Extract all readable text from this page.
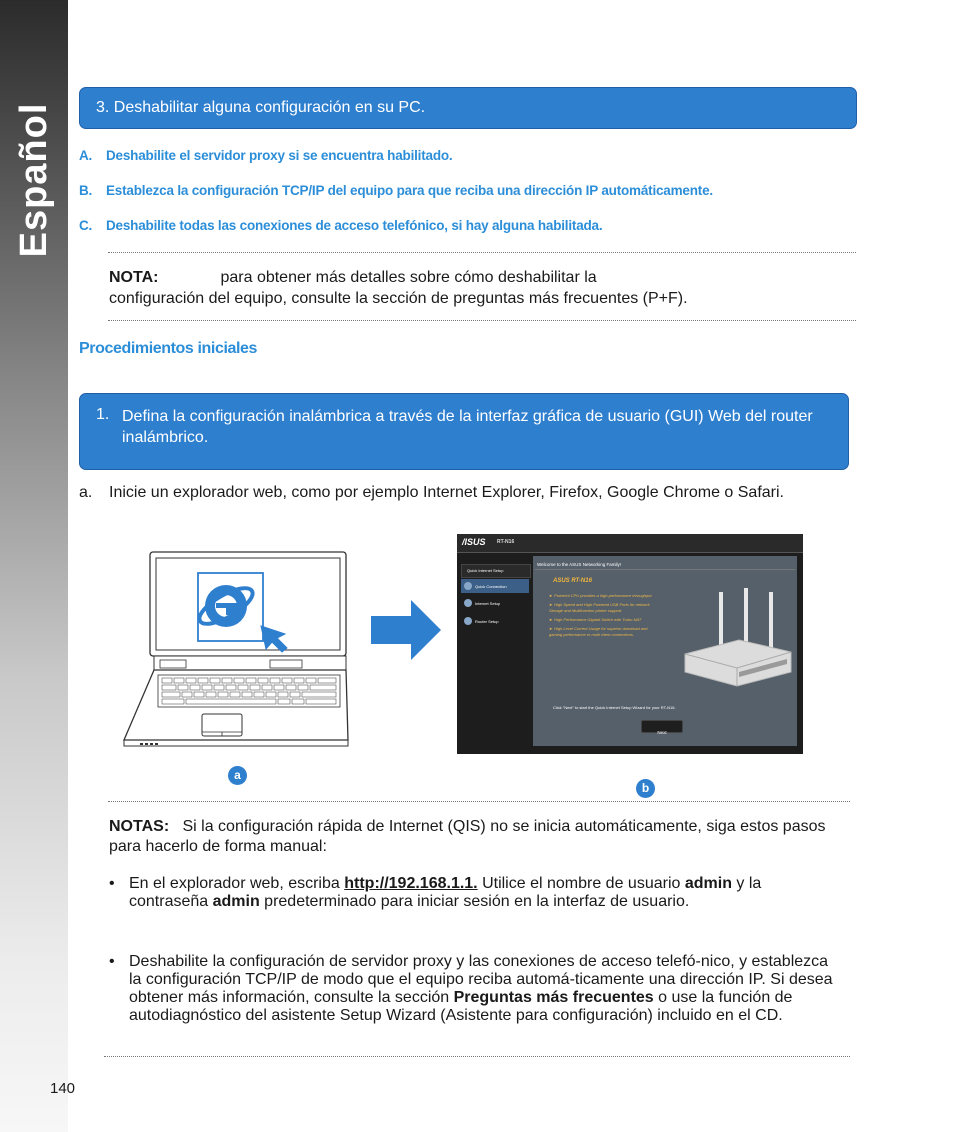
Español	3. Deshabilitar alguna configuración en su PC.
A. Deshabilite el servidor proxy si se encuentra habilitado.
B. Establezca la configuración TCP/IP del equipo para que reciba una dirección IP automáticamente.
C. Deshabilite todas las conexiones de acceso telefónico, si hay alguna habilitada.
NOTA:	para obtener más detalles sobre cómo deshabilitar la
configuración del equipo, consulte la sección de preguntas más frecuentes (P+F).
Procedimientos iniciales
1. Defina la configuración inalámbrica a través de la interfaz gráfica de usuario (GUI) Web del router inalámbrico.
a. Inicie un explorador web, como por ejemplo Internet Explorer, Firefox, Google Chrome o Safari.
/ISUS RT-N16
Quick Internet Setup
Quick Connection
Internet Setup
Router Setup
Welcome to the ASUS Networking Family!
ASUS RT-N16
► Powerful CPU provides a high-performance throughput.
► High Speed and High Powered USB Ports for network Storage and Multifunction printer support.
► High Performance Gigabit Switch with Turbo NAT
► High Level Current Usage for superior download and gaming performance or multi client connections.
Click "Next" to start the Quick Internet Setup Wizard for your RT-N16.
Next
a
b
NOTAS: Si la configuración rápida de Internet (QIS) no se inicia automáticamente, siga estos pasos para hacerlo de forma manual:
• En el explorador web, escriba http://192.168.1.1. Utilice el nombre de usuario admin y la contraseña admin predeterminado para iniciar sesión en la interfaz de usuario.
• Deshabilite la configuración de servidor proxy y las conexiones de acceso telefó-nico, y establezca la configuración TCP/IP de modo que el equipo reciba automá-ticamente una dirección IP. Si desea obtener más información, consulte la sección Preguntas más frecuentes o use la función de autodiagnóstico del asistente Setup Wizard (Asistente para configuración) incluido en el CD.
140
